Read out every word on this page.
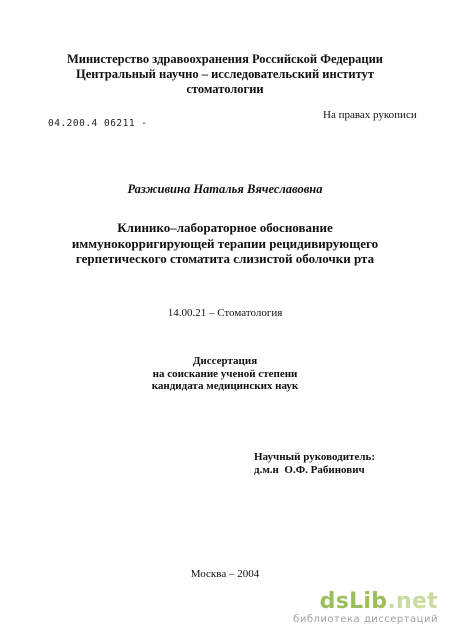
Министерство здравоохранения Российской Федерации
Центральный научно – исследовательский институт
стоматологии
04.200.4 06211 -
На правах рукописи
Разживина Наталья Вячеславовна
Клинико–лабораторное обоснование
иммунокорригирующей терапии рецидивирующего
герпетического стоматита слизистой оболочки рта
14.00.21 – Стоматология
Диссертация
на соискание ученой степени
кандидата медицинских наук
Научный руководитель:
д.м.н  О.Ф. Рабинович
Москва – 2004
dsLib.net
библиотека диссертаций
